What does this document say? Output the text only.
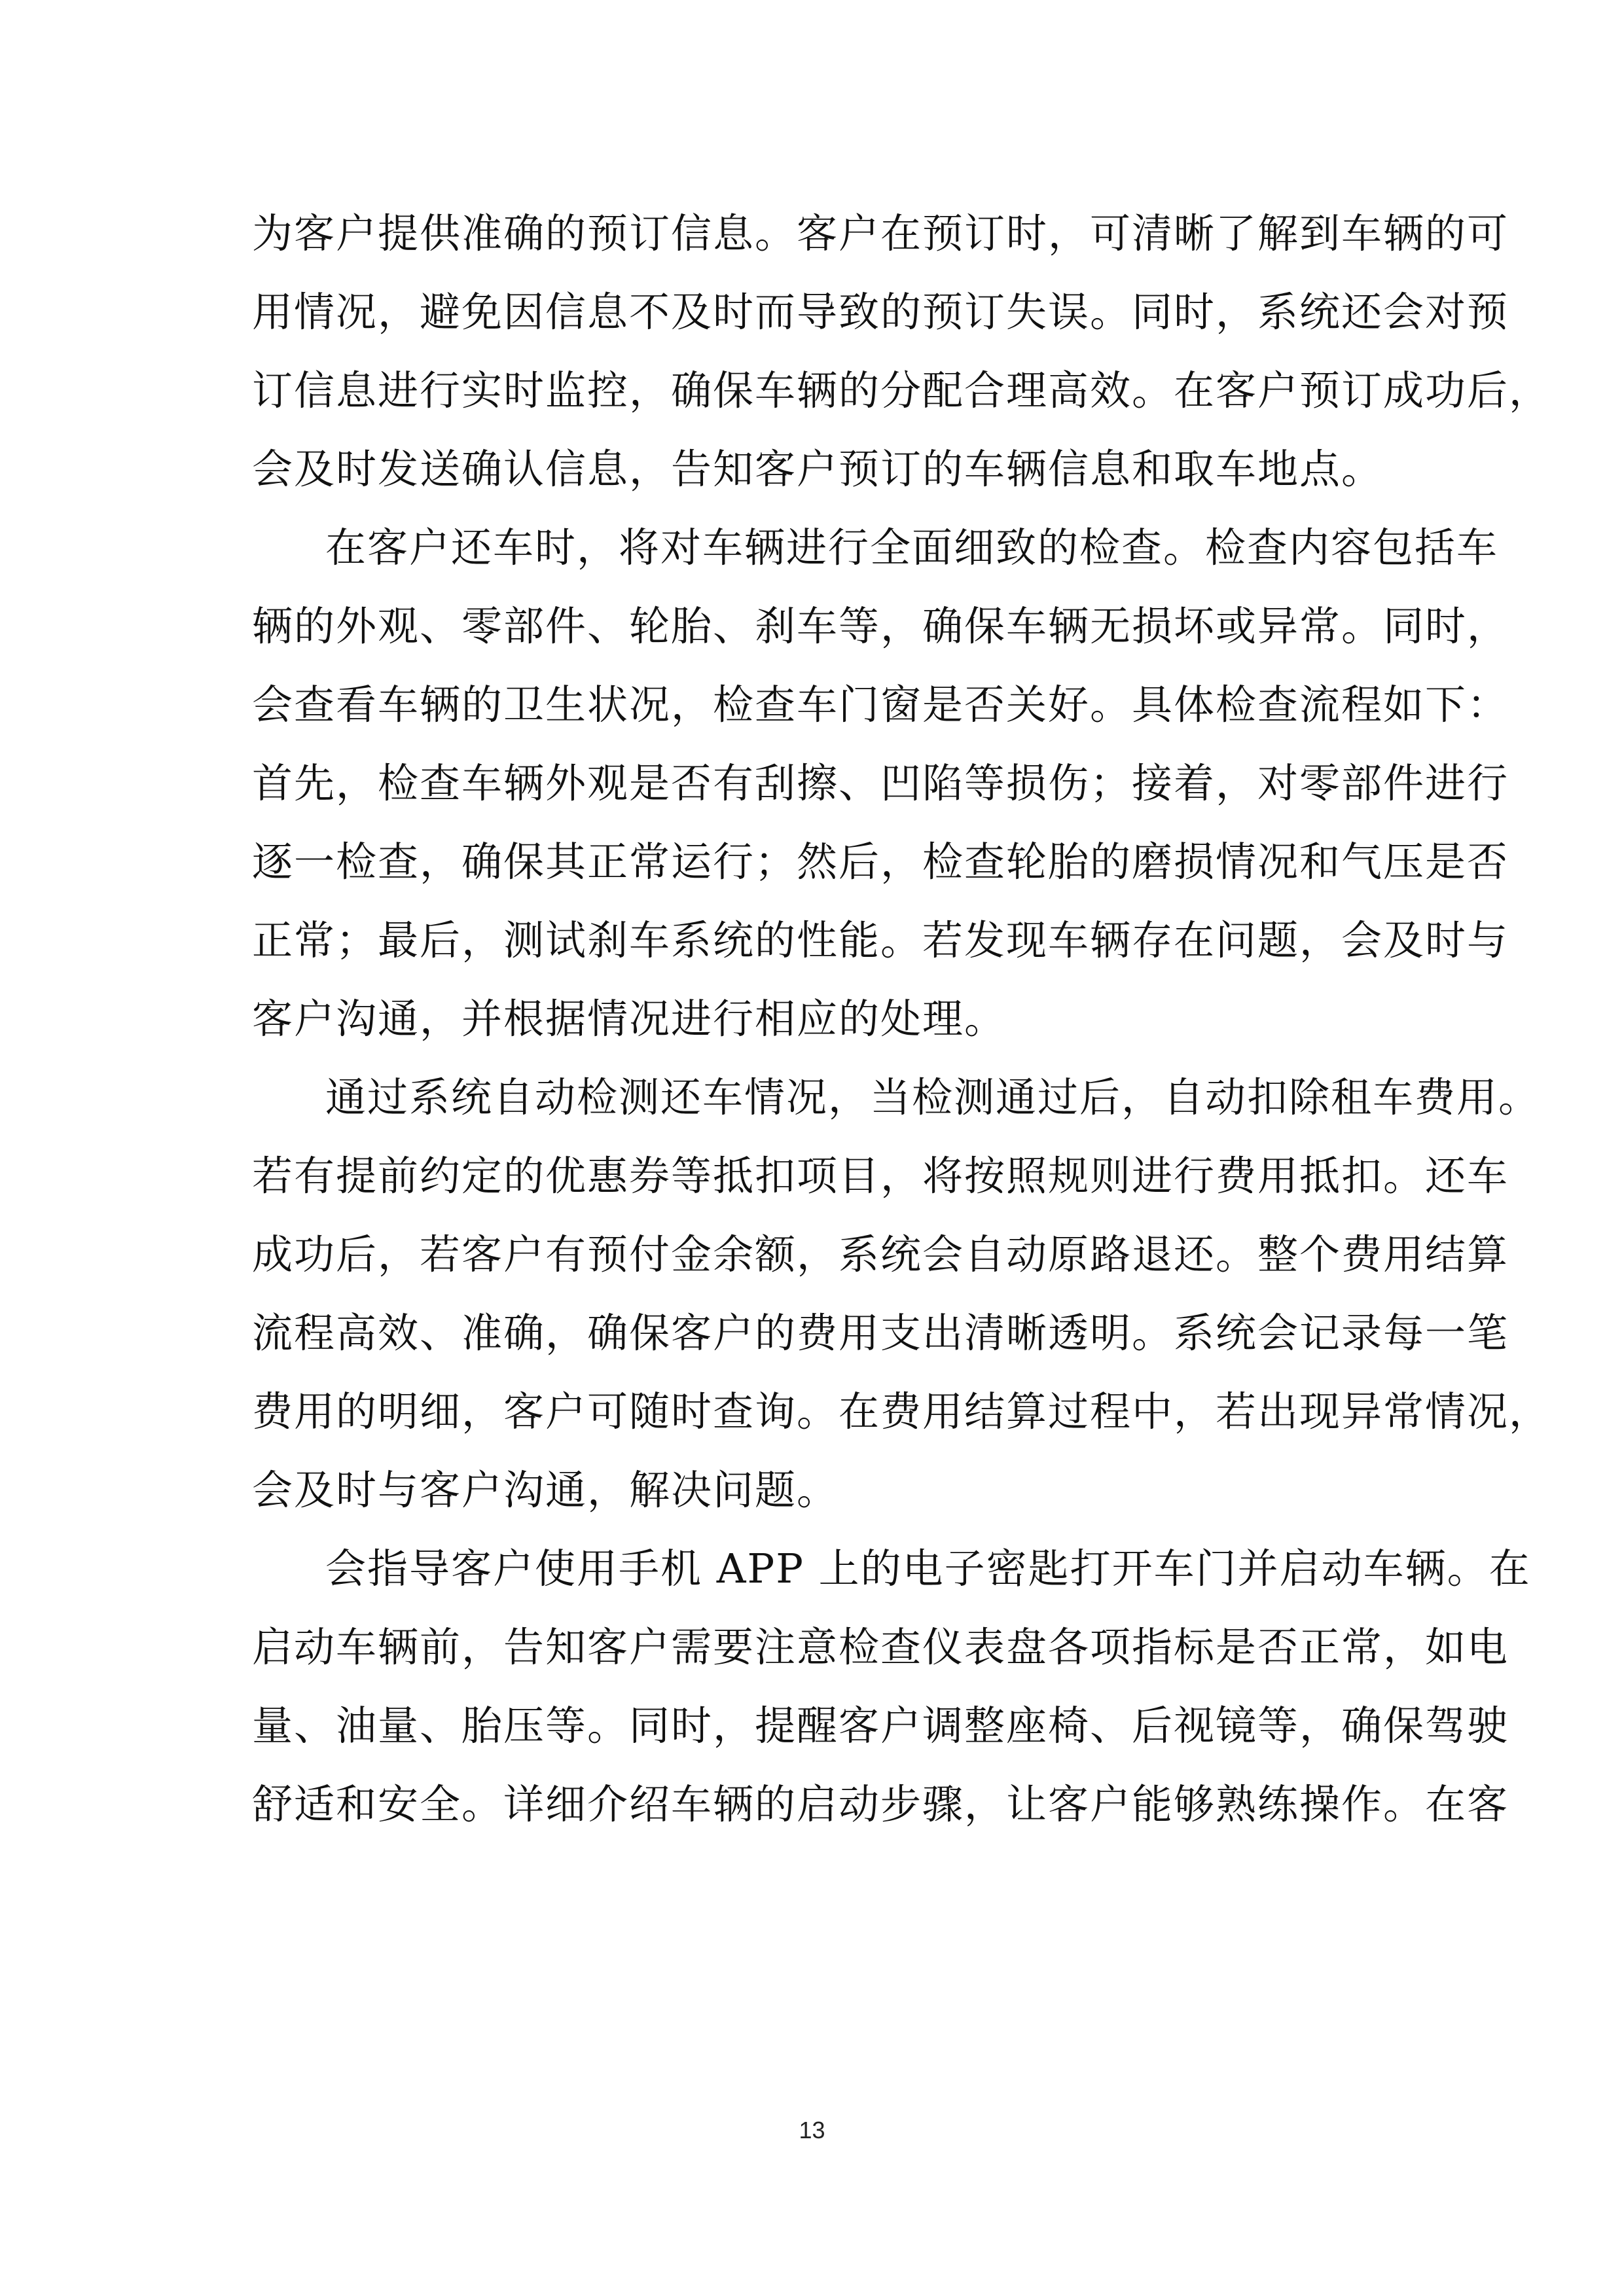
为客户提供准确的预订信息。客户在预订时，可清晰了解到车辆的可
用情况，避免因信息不及时而导致的预订失误。同时，系统还会对预
订信息进行实时监控，确保车辆的分配合理高效。在客户预订成功后，
会及时发送确认信息，告知客户预订的车辆信息和取车地点。
在客户还车时，将对车辆进行全面细致的检查。检查内容包括车
辆的外观、零部件、轮胎、刹车等，确保车辆无损坏或异常。同时，
会查看车辆的卫生状况，检查车门窗是否关好。具体检查流程如下：
首先，检查车辆外观是否有刮擦、凹陷等损伤；接着，对零部件进行
逐一检查，确保其正常运行；然后，检查轮胎的磨损情况和气压是否
正常；最后，测试刹车系统的性能。若发现车辆存在问题，会及时与
客户沟通，并根据情况进行相应的处理。
通过系统自动检测还车情况，当检测通过后，自动扣除租车费用。
若有提前约定的优惠券等抵扣项目，将按照规则进行费用抵扣。还车
成功后，若客户有预付金余额，系统会自动原路退还。整个费用结算
流程高效、准确，确保客户的费用支出清晰透明。系统会记录每一笔
费用的明细，客户可随时查询。在费用结算过程中，若出现异常情况，
会及时与客户沟通，解决问题。
会指导客户使用手机 APP 上的电子密匙打开车门并启动车辆。在
启动车辆前，告知客户需要注意检查仪表盘各项指标是否正常，如电
量、油量、胎压等。同时，提醒客户调整座椅、后视镜等，确保驾驶
舒适和安全。详细介绍车辆的启动步骤，让客户能够熟练操作。在客
13
